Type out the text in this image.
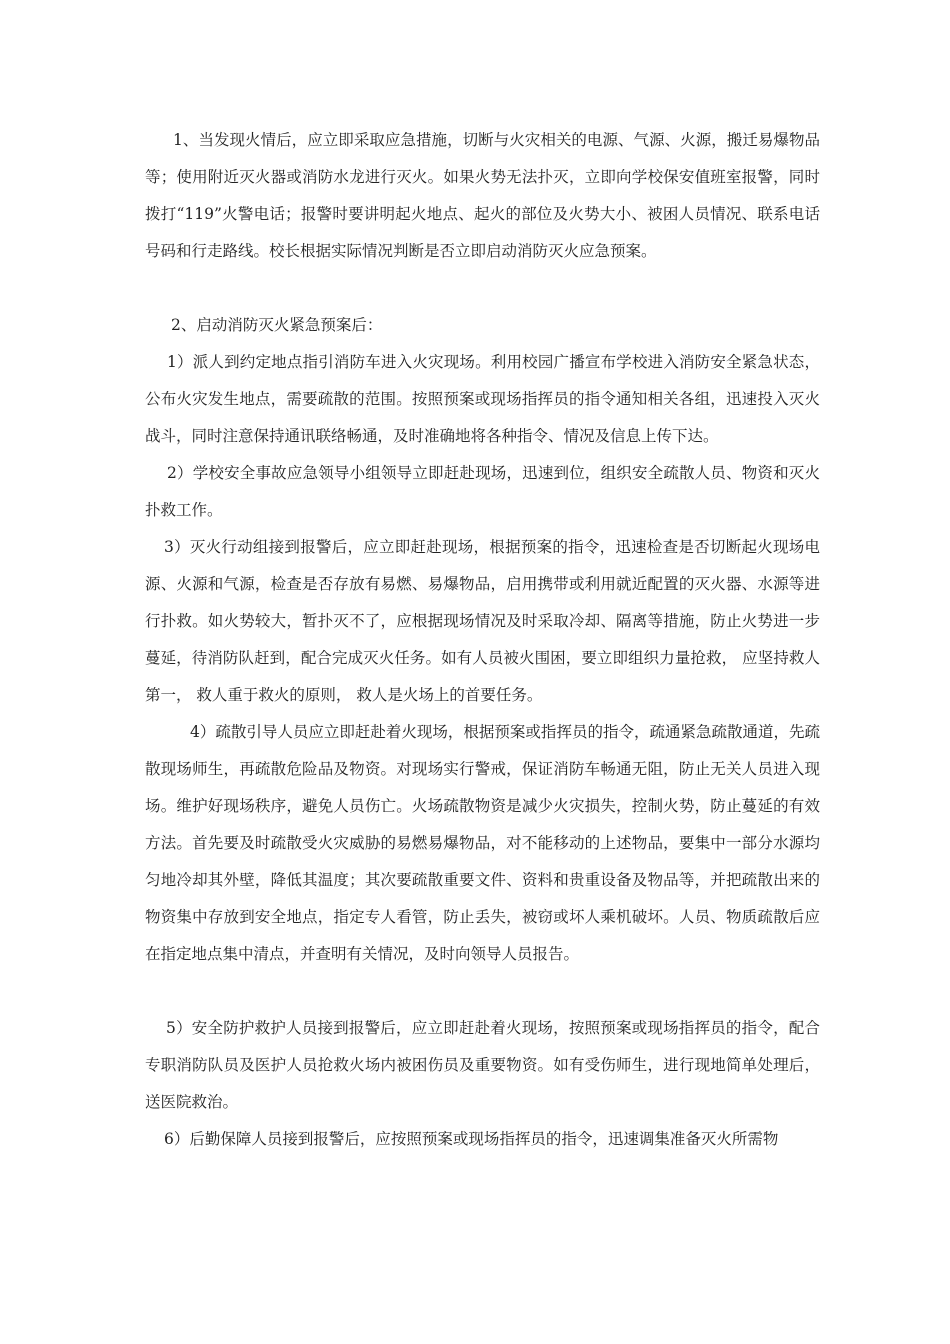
1、当发现火情后，应立即采取应急措施，切断与火灾相关的电源、气源、火源，搬迁易爆物品等；使用附近灭火器或消防水龙进行灭火。如果火势无法扑灭，立即向学校保安值班室报警，同时拨打“119”火警电话；报警时要讲明起火地点、起火的部位及火势大小、被困人员情况、联系电话号码和行走路线。校长根据实际情况判断是否立即启动消防灭火应急预案。

2、启动消防灭火紧急预案后：

1）派人到约定地点指引消防车进入火灾现场。利用校园广播宣布学校进入消防安全紧急状态，公布火灾发生地点，需要疏散的范围。按照预案或现场指挥员的指令通知相关各组，迅速投入灭火战斗，同时注意保持通讯联络畅通，及时准确地将各种指令、情况及信息上传下达。

2）学校安全事故应急领导小组领导立即赶赴现场，迅速到位，组织安全疏散人员、物资和灭火扑救工作。

3）灭火行动组接到报警后，应立即赶赴现场，根据预案的指令，迅速检查是否切断起火现场电源、火源和气源，检查是否存放有易燃、易爆物品，启用携带或利用就近配置的灭火器、水源等进行扑救。如火势较大，暂扑灭不了，应根据现场情况及时采取冷却、隔离等措施，防止火势进一步蔓延，待消防队赶到，配合完成灭火任务。如有人员被火围困，要立即组织力量抢救， 应坚持救人第一， 救人重于救火的原则， 救人是火场上的首要任务。

4）疏散引导人员应立即赶赴着火现场，根据预案或指挥员的指令，疏通紧急疏散通道，先疏散现场师生，再疏散危险品及物资。对现场实行警戒，保证消防车畅通无阻，防止无关人员进入现场。维护好现场秩序，避免人员伤亡。火场疏散物资是减少火灾损失，控制火势，防止蔓延的有效方法。首先要及时疏散受火灾威胁的易燃易爆物品，对不能移动的上述物品，要集中一部分水源均匀地冷却其外壁，降低其温度；其次要疏散重要文件、资料和贵重设备及物品等，并把疏散出来的物资集中存放到安全地点，指定专人看管，防止丢失，被窃或坏人乘机破坏。人员、物质疏散后应在指定地点集中清点，并查明有关情况，及时向领导人员报告。

5）安全防护救护人员接到报警后，应立即赶赴着火现场，按照预案或现场指挥员的指令，配合专职消防队员及医护人员抢救火场内被困伤员及重要物资。如有受伤师生，进行现地简单处理后，送医院救治。

6）后勤保障人员接到报警后，应按照预案或现场指挥员的指令，迅速调集准备灭火所需物
